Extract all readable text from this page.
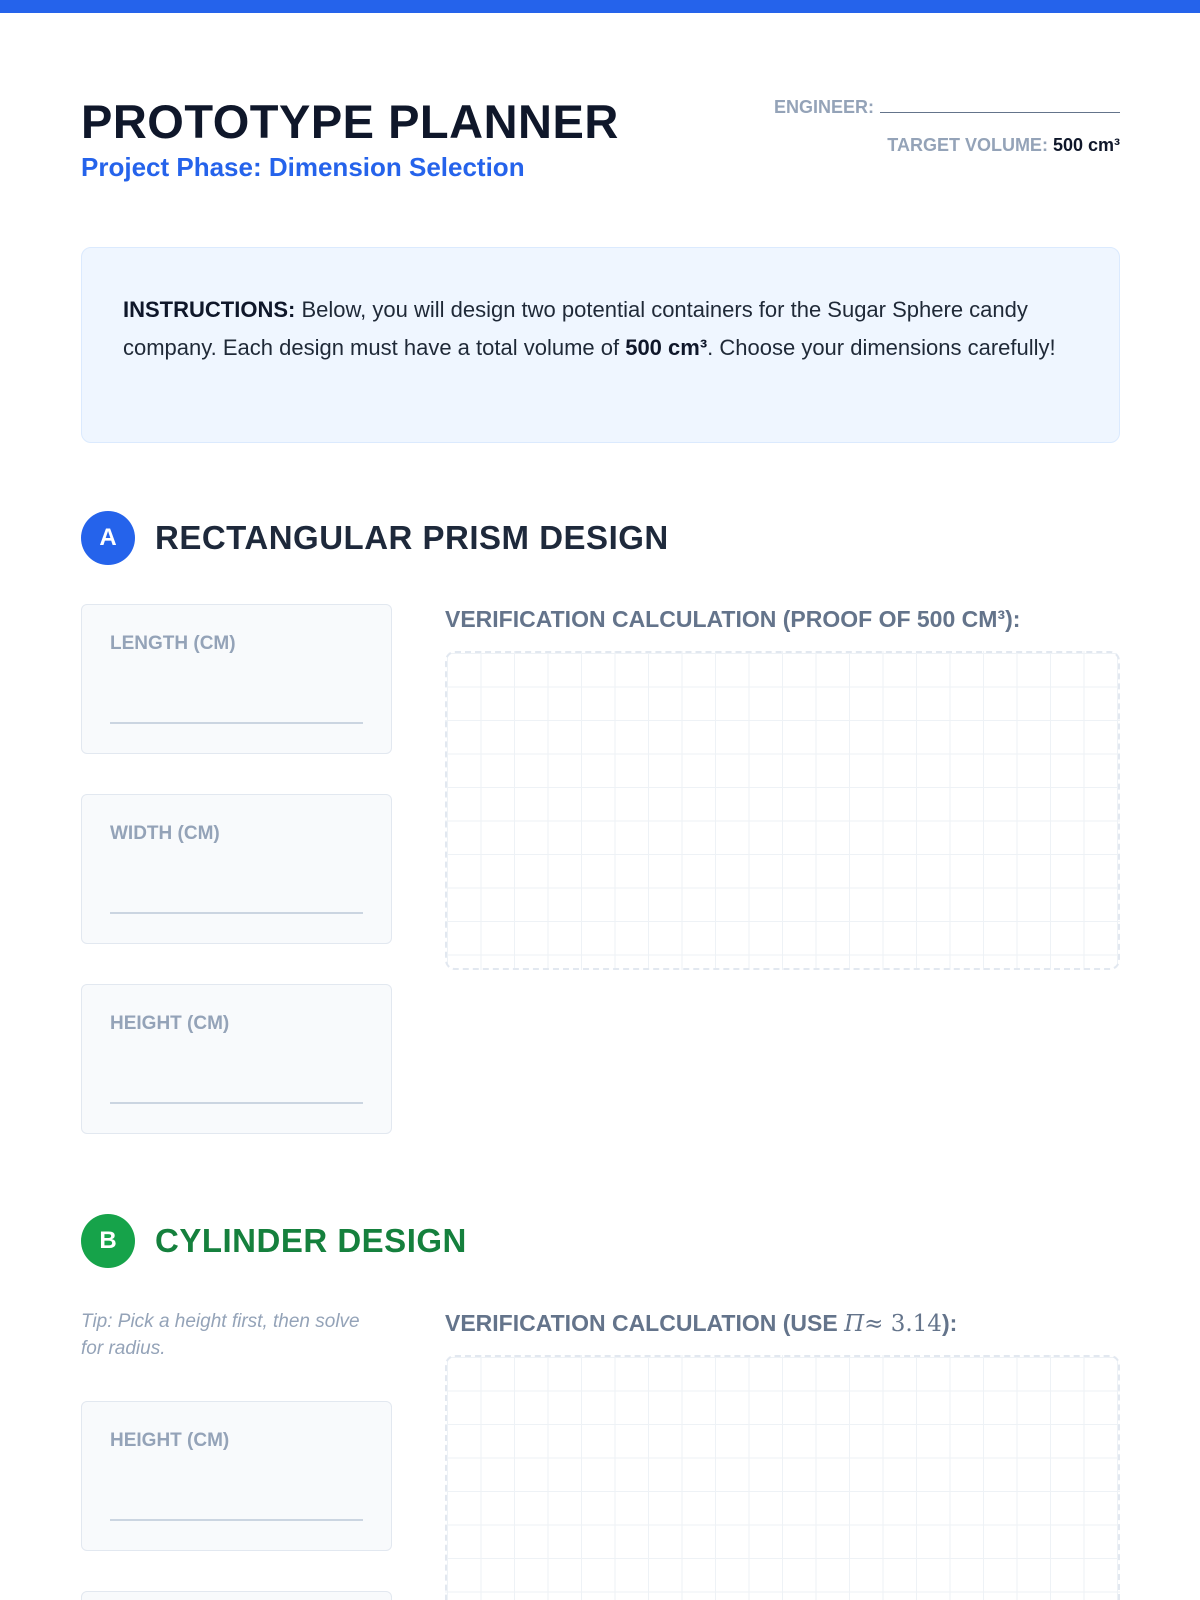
PROTOTYPE PLANNER
Project Phase: Dimension Selection
ENGINEER:
TARGET VOLUME: 500 cm³

INSTRUCTIONS: Below, you will design two potential containers for the Sugar Sphere candy company. Each design must have a total volume of 500 cm³. Choose your dimensions carefully!

A	RECTANGULAR PRISM DESIGN
LENGTH (CM)
WIDTH (CM)
HEIGHT (CM)
VERIFICATION CALCULATION (PROOF OF 500 CM³):
B	CYLINDER DESIGN
Tip: Pick a height first, then solve for radius.
VERIFICATION CALCULATION (USE Π≈ 3.14):
HEIGHT (CM)
